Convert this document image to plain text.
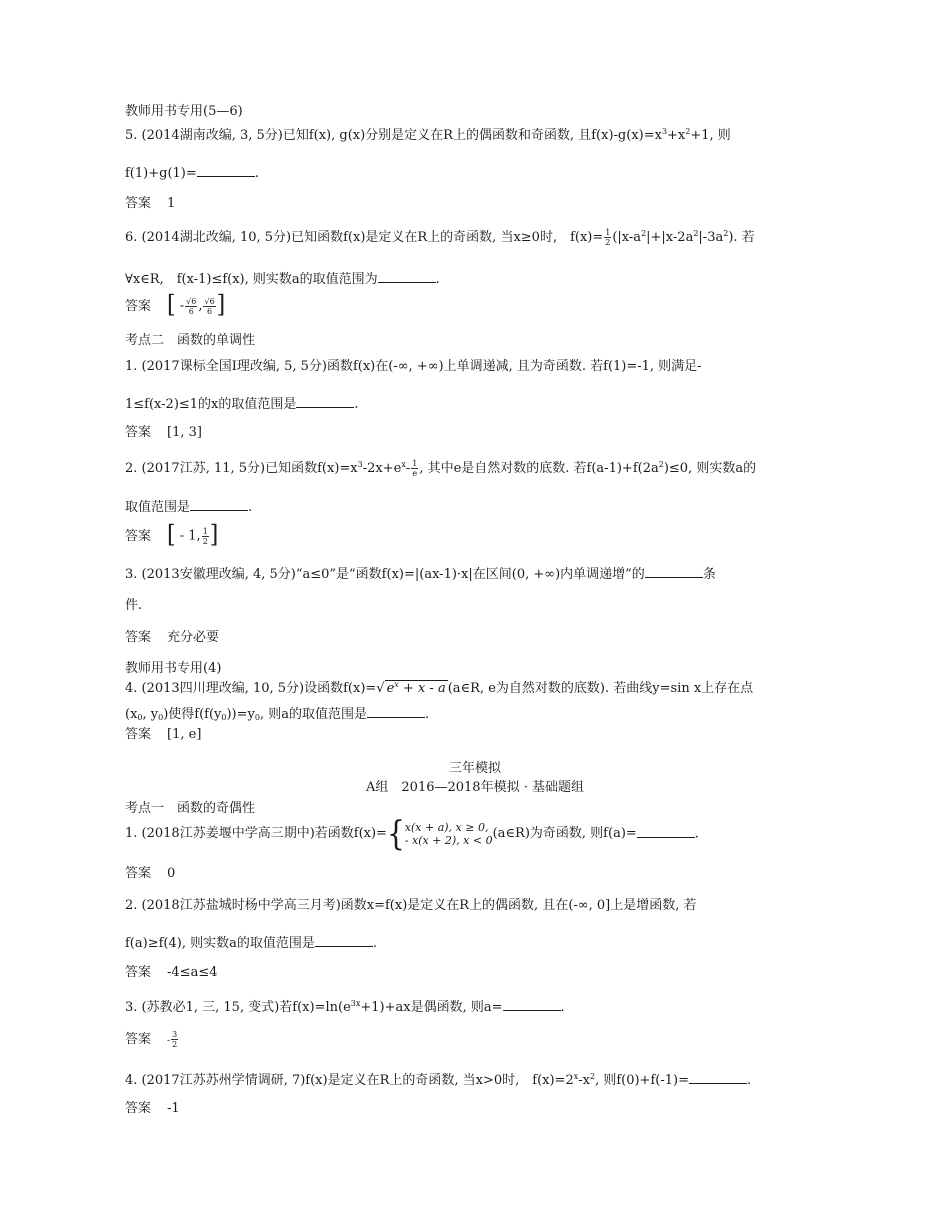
教师用书专用(5—6)
5. (2014湖南改编, 3, 5分)已知f(x), g(x)分别是定义在R上的偶函数和奇函数, 且$f(x)-g(x)=x^3+x^2+1$, 则
f(1)+g(1)=	.
答案 1
6. (2014湖北改编, 10, 5分)已知函数f(x)是定义在R上的奇函数, 当x≥0时,　$f(x)= \frac{1}{2} (|x-a^2|+|x-2a^2|-3a^2)$. 若
∀x∈R,　f(x-1)≤f(x), 则实数a的取值范围为	.
答案 [ - $\frac{√6}{6}$ , $\frac{√6}{6}$ ]
考点二　函数的单调性
1. (2017课标全国Ⅰ理改编, 5, 5分)函数f(x)在(-∞, +∞)上单调递减, 且为奇函数. 若f(1)=-1, 则满足-
1≤f(x-2)≤1的x的取值范围是	.
答案 [1, 3]
2. (2017江苏, 11, 5分)已知函数$f(x)=x^3-2x+e^x- \frac{1}{e}$ , 其中e是自然对数的底数. 若$f(a-1)+f(2a^2)\le 0$, 则实数a的
取值范围是	.
答案 [ - 1, $\frac{1}{2}$ ]
3. (2013安徽理改编, 4, 5分)“a≤0”是“函数f(x)=|(ax-1)·x|在区间(0, +∞)内单调递增”的	条
件.
答案 充分必要
教师用书专用(4)
4. (2013四川理改编, 10, 5分)设函数f(x)=√ $e^x + x - a$ (a∈R, e为自然对数的底数). 若曲线y=sin x上存在点
($x_0$, $y_0$)使得$f(f(y_0))=y_0$, 则a的取值范围是	.
答案 [1, e]
三年模拟
A组　2016—2018年模拟 · 基础题组
考点一　函数的奇偶性
1. (2018江苏姜堰中学高三期中)若函数f(x)={ x(x + a), x ≥ 0,
- x(x + 2), x < 0 (a∈R)为奇函数, 则f(a)=	.
答案 0
2. (2018江苏盐城时杨中学高三月考)函数x=f(x)是定义在R上的偶函数, 且在(-∞, 0]上是增函数, 若
f(a)≥f(4), 则实数a的取值范围是	.
答案 -4≤a≤4
3. (苏教必1, 三, 15, 变式)若$f(x)=\ln(e^{3x}+1)+ax$是偶函数, 则a=	.
答案 - $\frac{3}{2}$
4. (2017江苏苏州学情调研, 7)f(x)是定义在R上的奇函数, 当x>0时,　$f(x)=2^x-x^2$, 则f(0)+f(-1)=	.
答案 -1
